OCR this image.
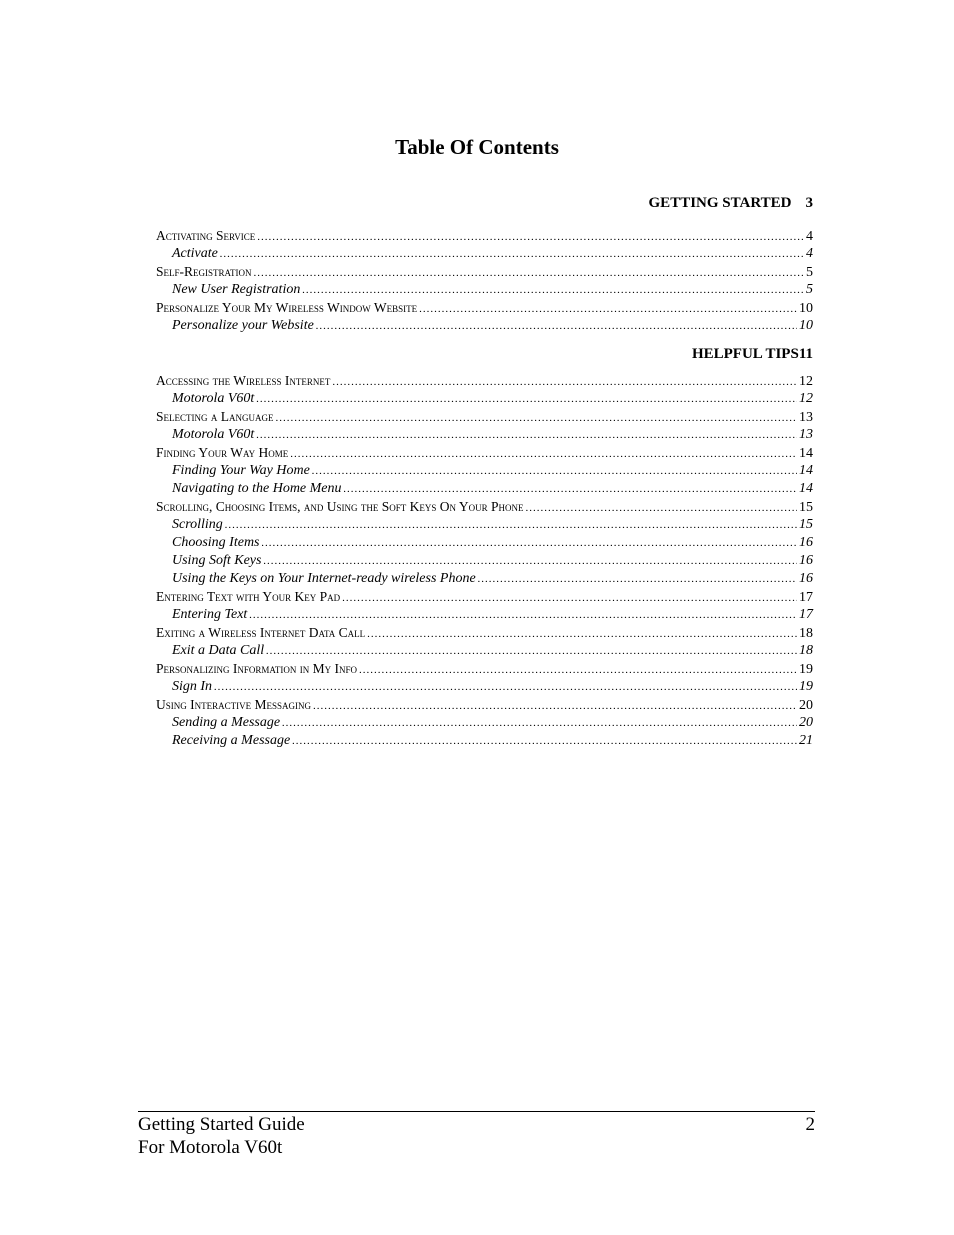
Table Of Contents
GETTING STARTED 3
Activating Service .....	4
Activate .....	4
Self-Registration .....	5
New User Registration .....	5
Personalize Your My Wireless Window Website .....	10
Personalize your Website .....	10
HELPFUL TIPS11
Accessing the Wireless Internet .....	12
Motorola V60t .....	12
Selecting a Language .....	13
Motorola V60t .....	13
Finding Your Way Home .....	14
Finding Your Way Home .....	14
Navigating to the Home Menu .....	14
Scrolling, Choosing Items, and Using the Soft Keys On Your Phone .....	15
Scrolling .....	15
Choosing Items .....	16
Using Soft Keys .....	16
Using the Keys on Your Internet-ready wireless Phone .....	16
Entering Text with Your Key Pad .....	17
Entering Text .....	17
Exiting a Wireless Internet Data Call .....	18
Exit a Data Call .....	18
Personalizing Information in My Info .....	19
Sign In .....	19
Using Interactive Messaging .....	20
Sending a Message .....	20
Receiving a Message .....	21
Getting Started Guide	2
For Motorola V60t
